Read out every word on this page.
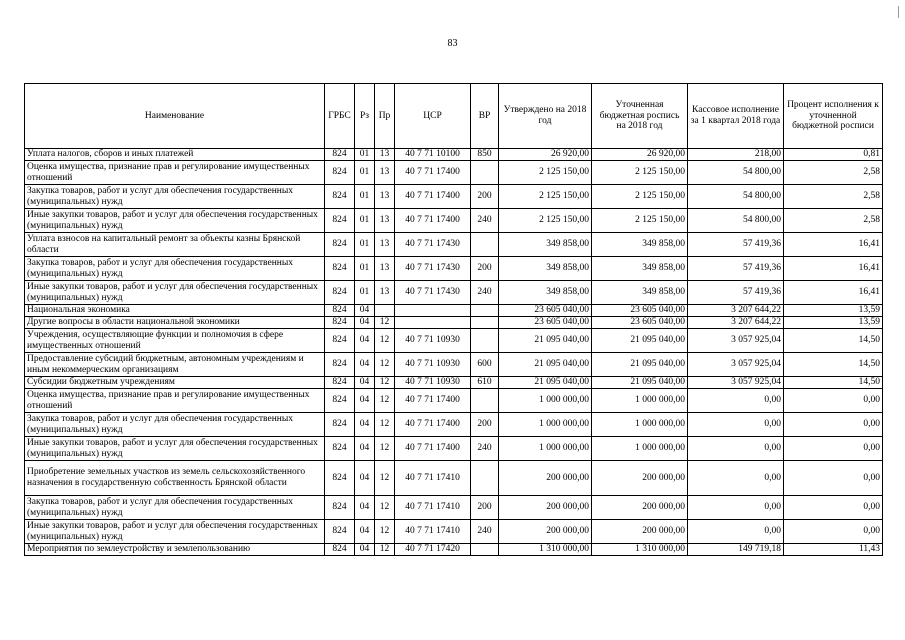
83
Наименование	ГРБС	Рз	Пр	ЦСР	ВР	Утверждено на 2018 год	Уточненная бюджетная роспись на 2018 год	Кассовое исполнение за 1 квартал 2018 года	Процент исполнения к уточненной бюджетной росписи
Уплата налогов, сборов и иных платежей	824	01	13	40 7 71 10100	850	26 920,00	26 920,00	218,00	0,81
Оценка имущества, признание прав и регулирование имущественных отношений	824	01	13	40 7 71 17400		2 125 150,00	2 125 150,00	54 800,00	2,58
Закупка товаров, работ и услуг для обеспечения государственных (муниципальных) нужд	824	01	13	40 7 71 17400	200	2 125 150,00	2 125 150,00	54 800,00	2,58
Иные закупки товаров, работ и услуг для обеспечения государственных (муниципальных) нужд	824	01	13	40 7 71 17400	240	2 125 150,00	2 125 150,00	54 800,00	2,58
Уплата взносов на капитальный ремонт за объекты казны Брянской области	824	01	13	40 7 71 17430		349 858,00	349 858,00	57 419,36	16,41
Закупка товаров, работ и услуг для обеспечения государственных (муниципальных) нужд	824	01	13	40 7 71 17430	200	349 858,00	349 858,00	57 419,36	16,41
Иные закупки товаров, работ и услуг для обеспечения государственных (муниципальных) нужд	824	01	13	40 7 71 17430	240	349 858,00	349 858,00	57 419,36	16,41
Национальная экономика	824	04				23 605 040,00	23 605 040,00	3 207 644,22	13,59
Другие вопросы в области национальной экономики	824	04	12			23 605 040,00	23 605 040,00	3 207 644,22	13,59
Учреждения, осуществляющие функции и полномочия в сфере имущественных отношений	824	04	12	40 7 71 10930		21 095 040,00	21 095 040,00	3 057 925,04	14,50
Предоставление субсидий бюджетным, автономным учреждениям и иным некоммерческим организациям	824	04	12	40 7 71 10930	600	21 095 040,00	21 095 040,00	3 057 925,04	14,50
Субсидии бюджетным учреждениям	824	04	12	40 7 71 10930	610	21 095 040,00	21 095 040,00	3 057 925,04	14,50
Оценка имущества, признание прав и регулирование имущественных отношений	824	04	12	40 7 71 17400		1 000 000,00	1 000 000,00	0,00	0,00
Закупка товаров, работ и услуг для обеспечения государственных (муниципальных) нужд	824	04	12	40 7 71 17400	200	1 000 000,00	1 000 000,00	0,00	0,00
Иные закупки товаров, работ и услуг для обеспечения государственных (муниципальных) нужд	824	04	12	40 7 71 17400	240	1 000 000,00	1 000 000,00	0,00	0,00
Приобретение земельных участков из земель сельскохозяйственного назначения в государственную собственность Брянской области	824	04	12	40 7 71 17410		200 000,00	200 000,00	0,00	0,00
Закупка товаров, работ и услуг для обеспечения государственных (муниципальных) нужд	824	04	12	40 7 71 17410	200	200 000,00	200 000,00	0,00	0,00
Иные закупки товаров, работ и услуг для обеспечения государственных (муниципальных) нужд	824	04	12	40 7 71 17410	240	200 000,00	200 000,00	0,00	0,00
Мероприятия по землеустройству и землепользованию	824	04	12	40 7 71 17420		1 310 000,00	1 310 000,00	149 719,18	11,43
